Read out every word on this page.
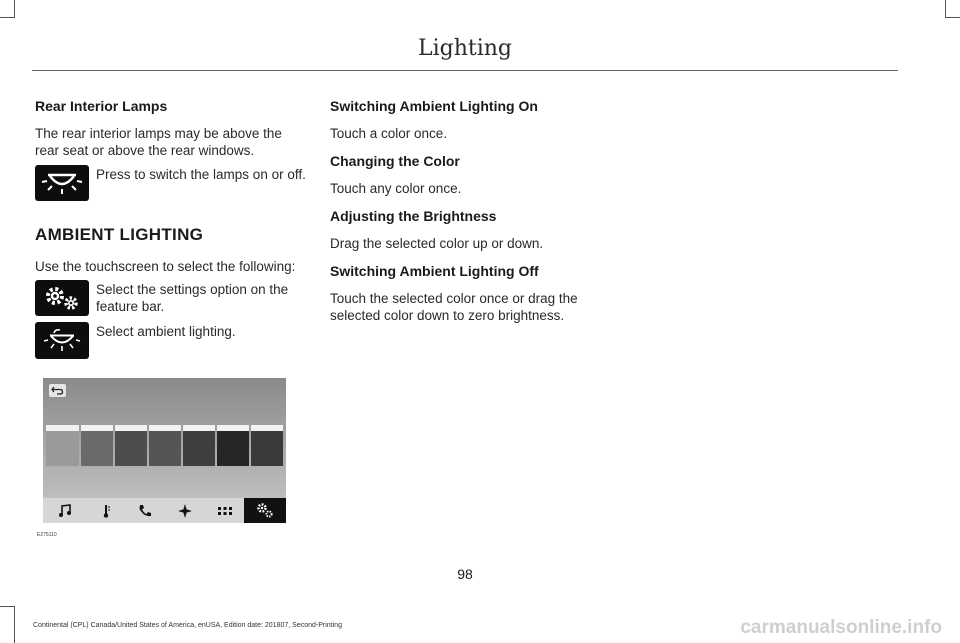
Lighting
Rear Interior Lamps
The rear interior lamps may be above the rear seat or above the rear windows.
Press to switch the lamps on or off.
AMBIENT LIGHTING
Use the touchscreen to select the following:
Select the settings option on the feature bar.
Select ambient lighting.
E275110
Switching Ambient Lighting On
Touch a color once.
Changing the Color
Touch any color once.
Adjusting the Brightness
Drag the selected color up or down.
Switching Ambient Lighting Off
Touch the selected color once or drag the selected color down to zero brightness.
98
Continental (CPL) Canada/United States of America, enUSA, Edition date: 201807, Second-Printing	carmanualsonline.info
